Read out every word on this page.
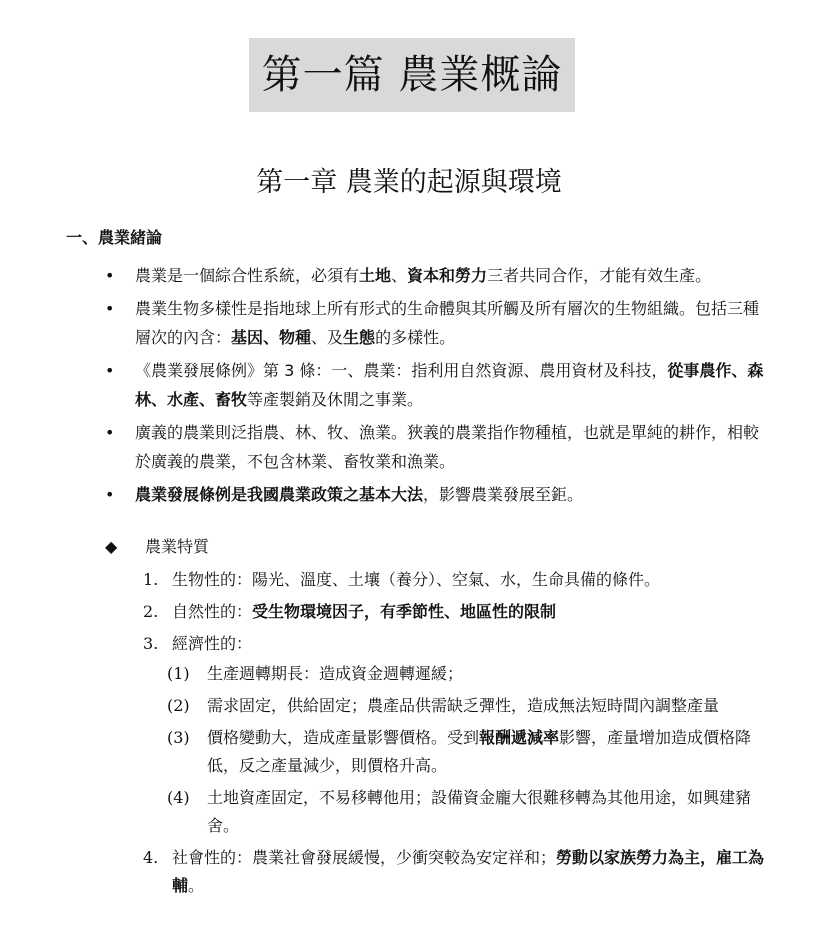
第一篇 農業概論
第一章 農業的起源與環境
一、農業緒論
• 農業是一個綜合性系統，必須有土地、資本和勞力三者共同合作，才能有效生產。
• 農業生物多樣性是指地球上所有形式的生命體與其所觸及所有層次的生物組織。包括三種層次的內含：基因、物種、及生態的多樣性。
• 《農業發展條例》第 3 條：一、農業：指利用自然資源、農用資材及科技，從事農作、森林、水產、畜牧等產製銷及休閒之事業。
• 廣義的農業則泛指農、林、牧、漁業。狹義的農業指作物種植，也就是單純的耕作，相較於廣義的農業，不包含林業、畜牧業和漁業。
• 農業發展條例是我國農業政策之基本大法，影響農業發展至鉅。
◆ 農業特質
1. 生物性的：陽光、溫度、土壤（養分）、空氣、水，生命具備的條件。
2. 自然性的：受生物環境因子，有季節性、地區性的限制
3. 經濟性的：
(1) 生產週轉期長：造成資金週轉遲緩；
(2) 需求固定，供給固定；農產品供需缺乏彈性，造成無法短時間內調整產量
(3) 價格變動大，造成產量影響價格。受到報酬遞減率影響，產量增加造成價格降低，反之產量減少，則價格升高。
(4) 土地資產固定，不易移轉他用；設備資金龐大很難移轉為其他用途，如興建豬舍。
4. 社會性的：農業社會發展緩慢，少衝突較為安定祥和；勞動以家族勞力為主，雇工為輔。
